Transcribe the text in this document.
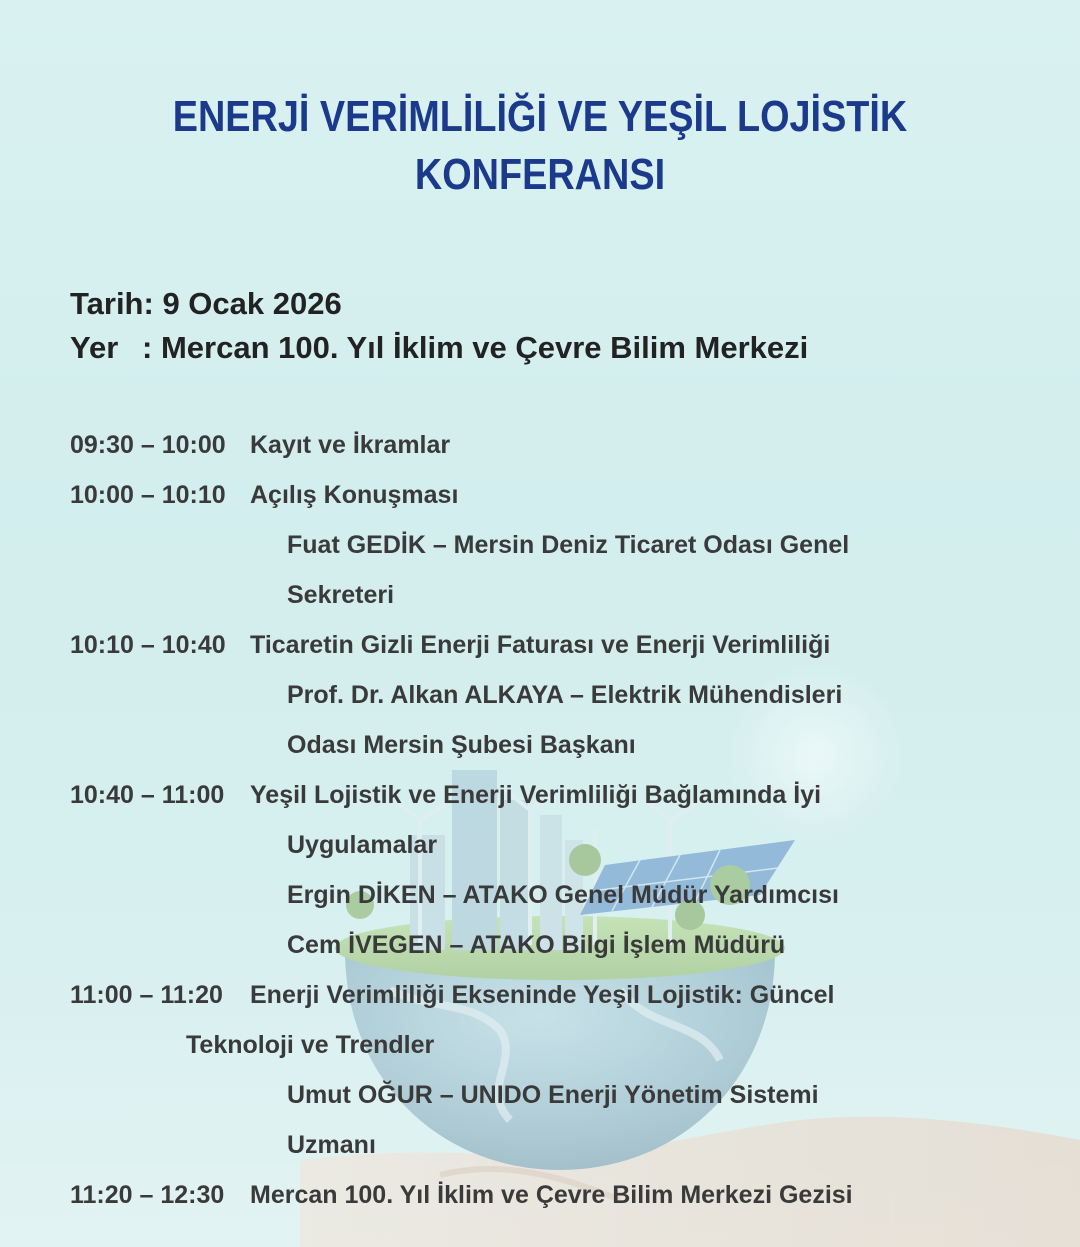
ENERJİ VERİMLİLİĞİ VE YEŞİL LOJİSTİK
KONFERANSI
Tarih: 9 Ocak 2026
Yer : Mercan 100. Yıl İklim ve Çevre Bilim Merkezi
09:30 – 10:00 Kayıt ve İkramlar
10:00 – 10:10 Açılış Konuşması
Fuat GEDİK – Mersin Deniz Ticaret Odası Genel
Sekreteri
10:10 – 10:40 Ticaretin Gizli Enerji Faturası ve Enerji Verimliliği
Prof. Dr. Alkan ALKAYA – Elektrik Mühendisleri
Odası Mersin Şubesi Başkanı
10:40 – 11:00 Yeşil Lojistik ve Enerji Verimliliği Bağlamında İyi
Uygulamalar
Ergin DİKEN – ATAKO Genel Müdür Yardımcısı
Cem İVEGEN – ATAKO Bilgi İşlem Müdürü
11:00 – 11:20 Enerji Verimliliği Ekseninde Yeşil Lojistik: Güncel
Teknoloji ve Trendler
Umut OĞUR – UNIDO Enerji Yönetim Sistemi
Uzmanı
11:20 – 12:30 Mercan 100. Yıl İklim ve Çevre Bilim Merkezi Gezisi
